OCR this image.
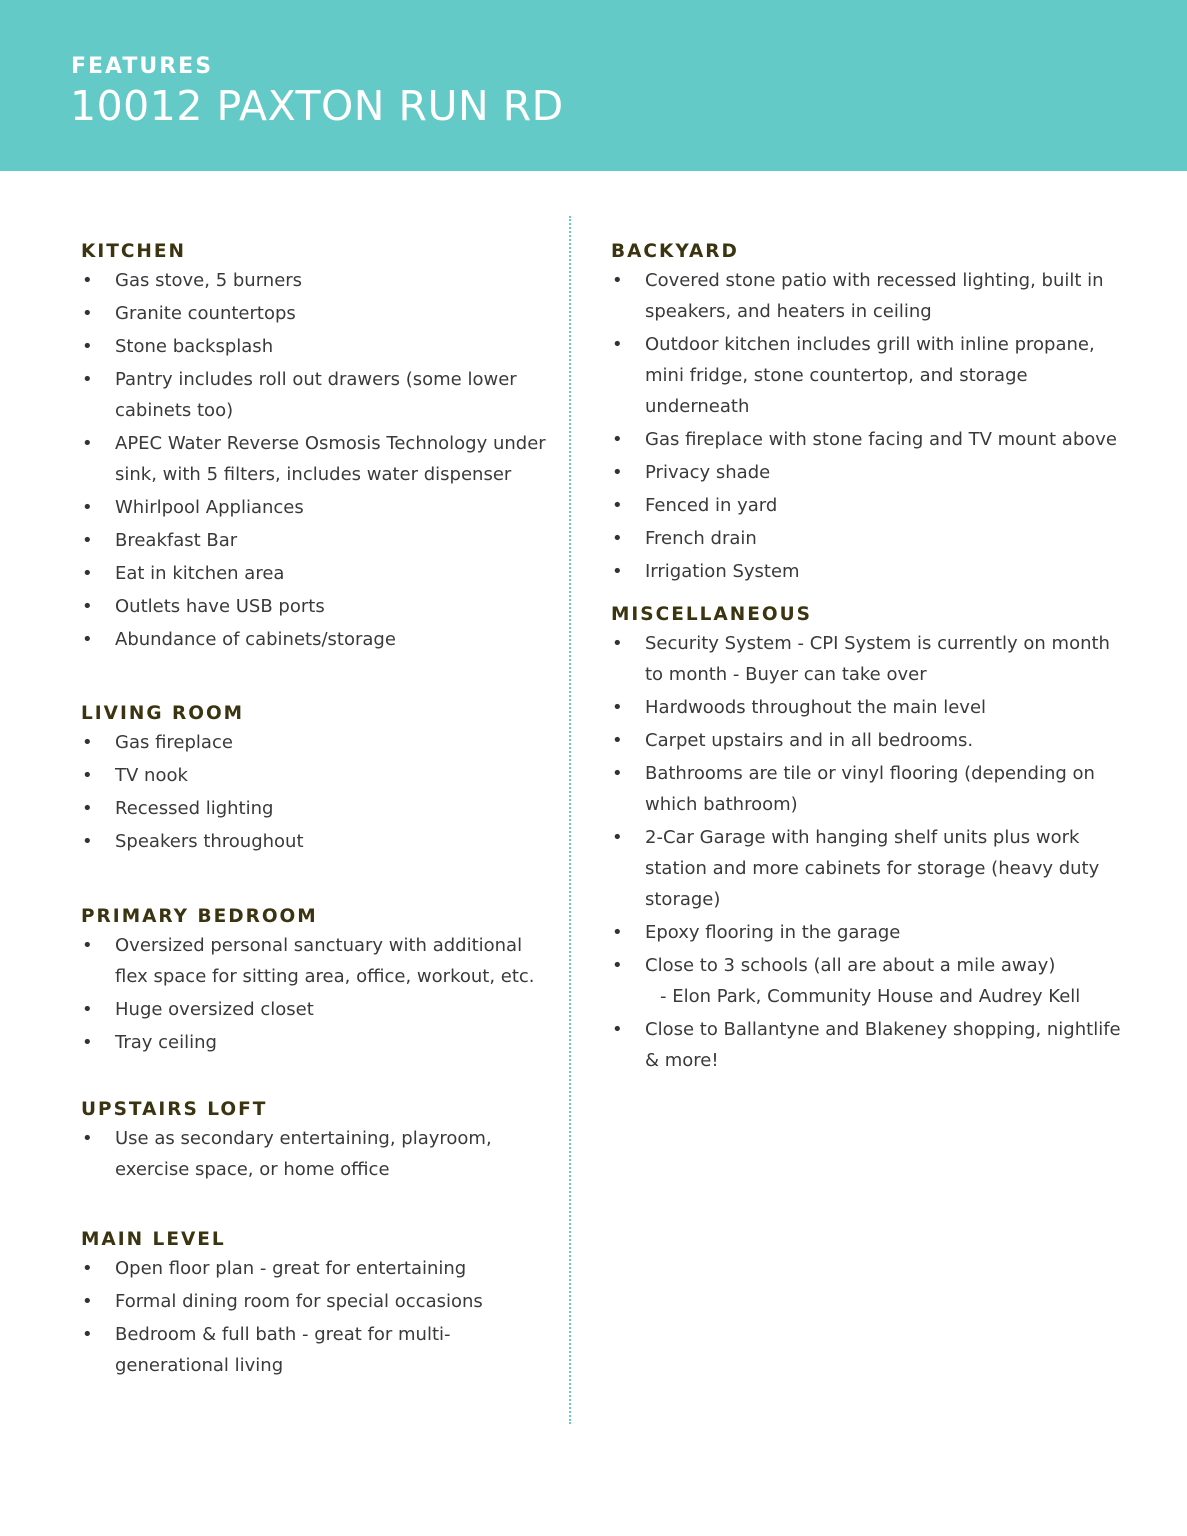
FEATURES
10012 PAXTON RUN RD
KITCHEN
• Gas stove, 5 burners
• Granite countertops
• Stone backsplash
• Pantry includes roll out drawers (some lower cabinets too)
• APEC Water Reverse Osmosis Technology under sink, with 5 filters, includes water dispenser
• Whirlpool Appliances
• Breakfast Bar
• Eat in kitchen area
• Outlets have USB ports
• Abundance of cabinets/storage
LIVING ROOM
• Gas fireplace
• TV nook
• Recessed lighting
• Speakers throughout
PRIMARY BEDROOM
• Oversized personal sanctuary with additional flex space for sitting area, office, workout, etc.
• Huge oversized closet
• Tray ceiling
UPSTAIRS LOFT
• Use as secondary entertaining, playroom, exercise space, or home office
MAIN LEVEL
• Open floor plan - great for entertaining
• Formal dining room for special occasions
• Bedroom & full bath - great for multi-generational living
BACKYARD
• Covered stone patio with recessed lighting, built in speakers, and heaters in ceiling
• Outdoor kitchen includes grill with inline propane, mini fridge, stone countertop, and storage underneath
• Gas fireplace with stone facing and TV mount above
• Privacy shade
• Fenced in yard
• French drain
• Irrigation System
MISCELLANEOUS
• Security System - CPI System is currently on month to month - Buyer can take over
• Hardwoods throughout the main level
• Carpet upstairs and in all bedrooms.
• Bathrooms are tile or vinyl flooring (depending on which bathroom)
• 2-Car Garage with hanging shelf units plus work station and more cabinets for storage (heavy duty storage)
• Epoxy flooring in the garage
• Close to 3 schools (all are about a mile away)
- Elon Park, Community House and Audrey Kell
• Close to Ballantyne and Blakeney shopping, nightlife & more!
